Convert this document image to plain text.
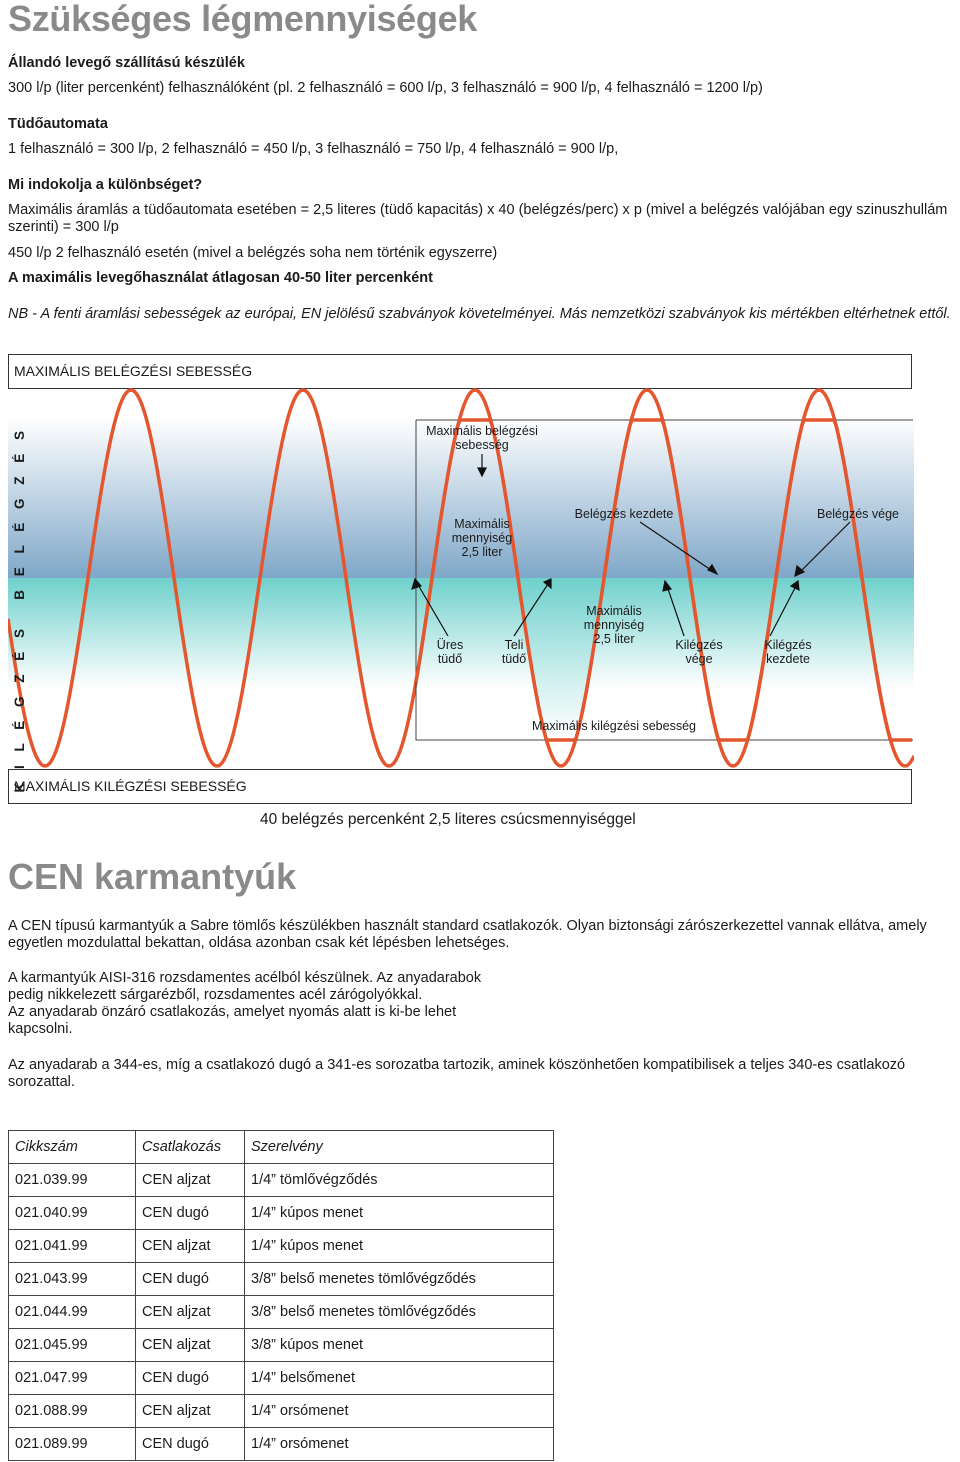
Szükséges légmennyiségek
Állandó levegő szállítású készülék
300 l/p (liter percenként) felhasználóként (pl. 2 felhasználó = 600 l/p, 3 felhasználó = 900 l/p, 4 felhasználó = 1200 l/p)
Tüdőautomata
1 felhasználó = 300 l/p, 2 felhasználó = 450 l/p, 3 felhasználó = 750 l/p, 4 felhasználó = 900 l/p,
Mi indokolja a különbséget?
Maximális áramlás a tüdőautomata esetében = 2,5 literes (tüdő kapacitás) x 40 (belégzés/perc) x p (mivel a belégzés valójában egy szinuszhullám szerinti) = 300 l/p
450 l/p 2 felhasználó esetén (mivel a belégzés soha nem történik egyszerre)
A maximális levegőhasználat átlagosan 40-50 liter percenként
NB - A fenti áramlási sebességek az európai, EN jelölésű szabványok követelményei. Más nemzetközi szabványok kis mértékben eltérhetnek ettől.
MAXIMÁLIS BELÉGZÉSI SEBESSÉG
MAXIMÁLIS KILÉGZÉSI SEBESSÉG
B E L É G Z É S
K I L É G Z É S
Maximális belégzési sebesség
Maximális mennyiség 2,5 liter
Belégzés kezdete	Belégzés vége
Üres tüdő
Teli tüdő
Maximális mennyiség 2,5 liter	Kilégzés vége
Kilégzés kezdete
Maximális kilégzési sebesség
40 belégzés percenként 2,5 literes csúcsmennyiséggel
CEN karmantyúk
A CEN típusú karmantyúk a Sabre tömlős készülékben használt standard csatlakozók. Olyan biztonsági zárószerkezettel vannak ellátva, amely egyetlen mozdulattal bekattan, oldása azonban csak két lépésben lehetséges.
A karmantyúk AISI-316 rozsdamentes acélból készülnek. Az anyadarabok
pedig nikkelezett sárgarézből, rozsdamentes acél zárógolyókkal.
Az anyadarab önzáró csatlakozás, amelyet nyomás alatt is ki-be lehet
kapcsolni.
Az anyadarab a 344-es, míg a csatlakozó dugó a 341-es sorozatba tartozik, aminek köszönhetően kompatibilisek a teljes 340-es csatlakozó sorozattal.
Cikkszám	Csatlakozás	Szerelvény
021.039.99	CEN aljzat	1/4” tömlővégződés
021.040.99	CEN dugó	1/4” kúpos menet
021.041.99	CEN aljzat	1/4” kúpos menet
021.043.99	CEN dugó	3/8” belső menetes tömlővégződés
021.044.99	CEN aljzat	3/8” belső menetes tömlővégződés
021.045.99	CEN aljzat	3/8” kúpos menet
021.047.99	CEN dugó	1/4” belsőmenet
021.088.99	CEN aljzat	1/4” orsómenet
021.089.99	CEN dugó	1/4” orsómenet
